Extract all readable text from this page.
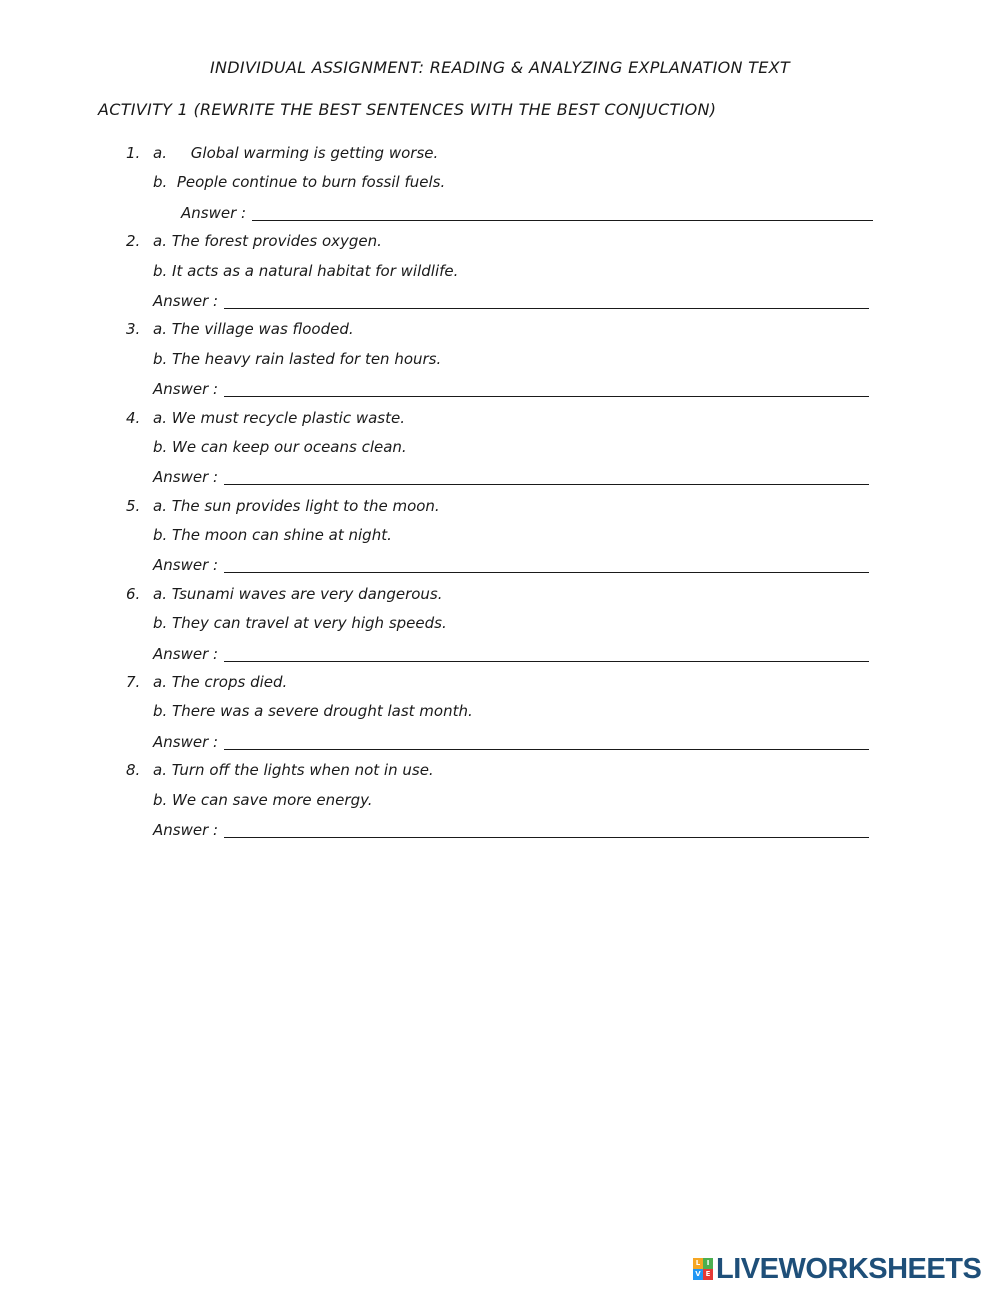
INDIVIDUAL ASSIGNMENT: READING & ANALYZING EXPLANATION TEXT
ACTIVITY 1 (REWRITE THE BEST SENTENCES WITH THE BEST CONJUCTION)
1. a.     Global warming is getting worse.
b.  People continue to burn fossil fuels.
Answer :
2. a. The forest provides oxygen.
b. It acts as a natural habitat for wildlife.
Answer :
3. a. The village was flooded.
b. The heavy rain lasted for ten hours.
Answer :
4. a. We must recycle plastic waste.
b. We can keep our oceans clean.
Answer :
5. a. The sun provides light to the moon.
b. The moon can shine at night.
Answer :
6. a. Tsunami waves are very dangerous.
b. They can travel at very high speeds.
Answer :
7. a. The crops died.
b. There was a severe drought last month.
Answer :
8. a. Turn off the lights when not in use.
b. We can save more energy.
Answer :
L I
V E LIVEWORKSHEETS
